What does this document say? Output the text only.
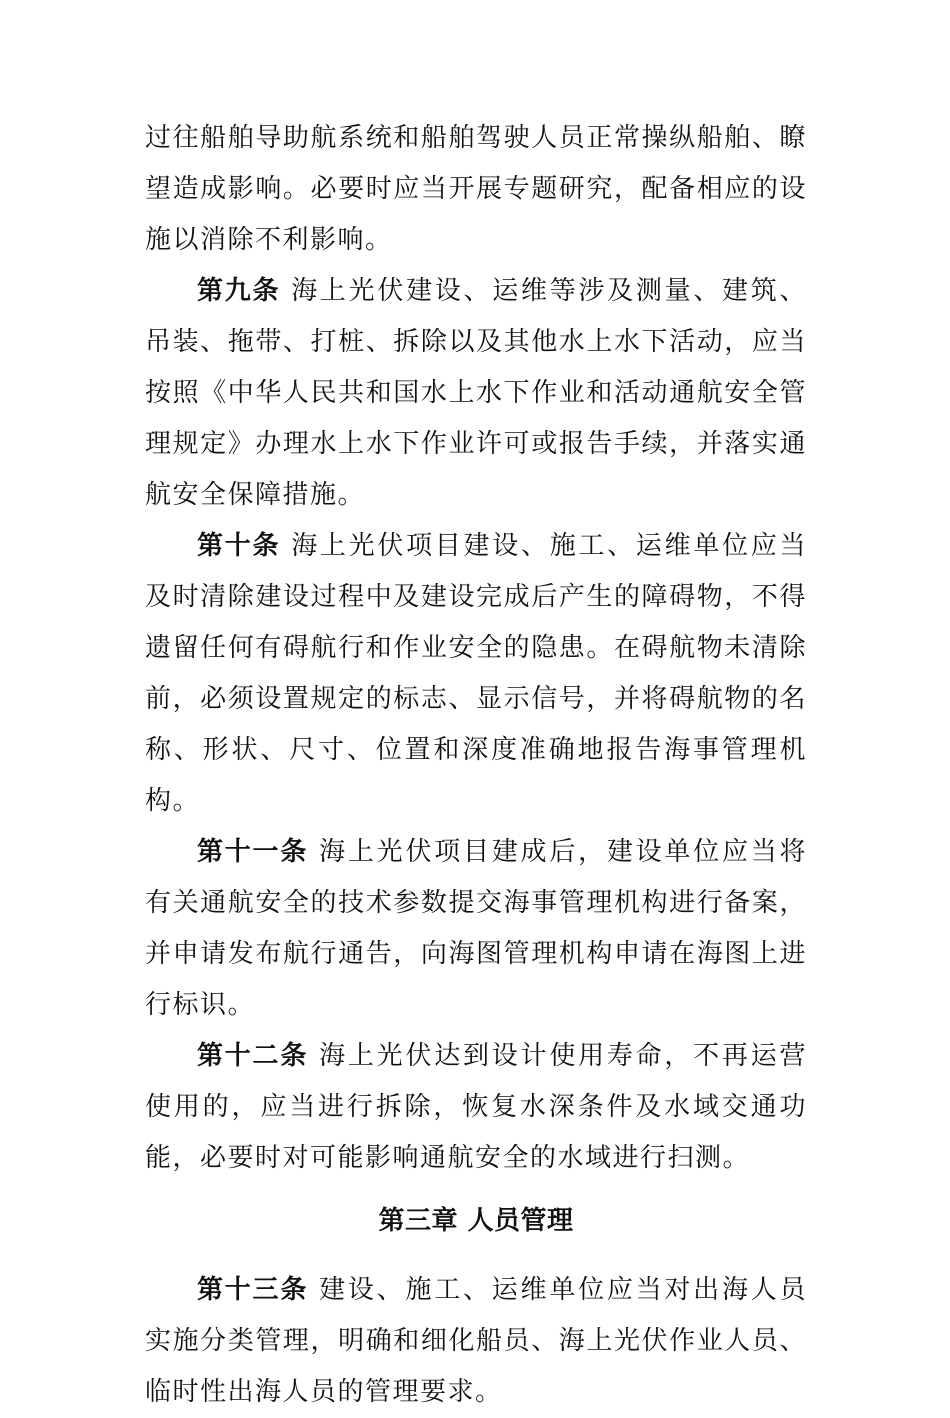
过往船舶导助航系统和船舶驾驶人员正常操纵船舶、瞭望造成影响。必要时应当开展专题研究，配备相应的设施以消除不利影响。

第九条 海上光伏建设、运维等涉及测量、建筑、吊装、拖带、打桩、拆除以及其他水上水下活动，应当按照《中华人民共和国水上水下作业和活动通航安全管理规定》办理水上水下作业许可或报告手续，并落实通航安全保障措施。

第十条 海上光伏项目建设、施工、运维单位应当及时清除建设过程中及建设完成后产生的障碍物，不得遗留任何有碍航行和作业安全的隐患。在碍航物未清除前，必须设置规定的标志、显示信号，并将碍航物的名称、形状、尺寸、位置和深度准确地报告海事管理机构。

第十一条 海上光伏项目建成后，建设单位应当将有关通航安全的技术参数提交海事管理机构进行备案，并申请发布航行通告，向海图管理机构申请在海图上进行标识。

第十二条 海上光伏达到设计使用寿命，不再运营使用的，应当进行拆除，恢复水深条件及水域交通功能，必要时对可能影响通航安全的水域进行扫测。

第三章 人员管理

第十三条 建设、施工、运维单位应当对出海人员实施分类管理，明确和细化船员、海上光伏作业人员、临时性出海人员的管理要求。
